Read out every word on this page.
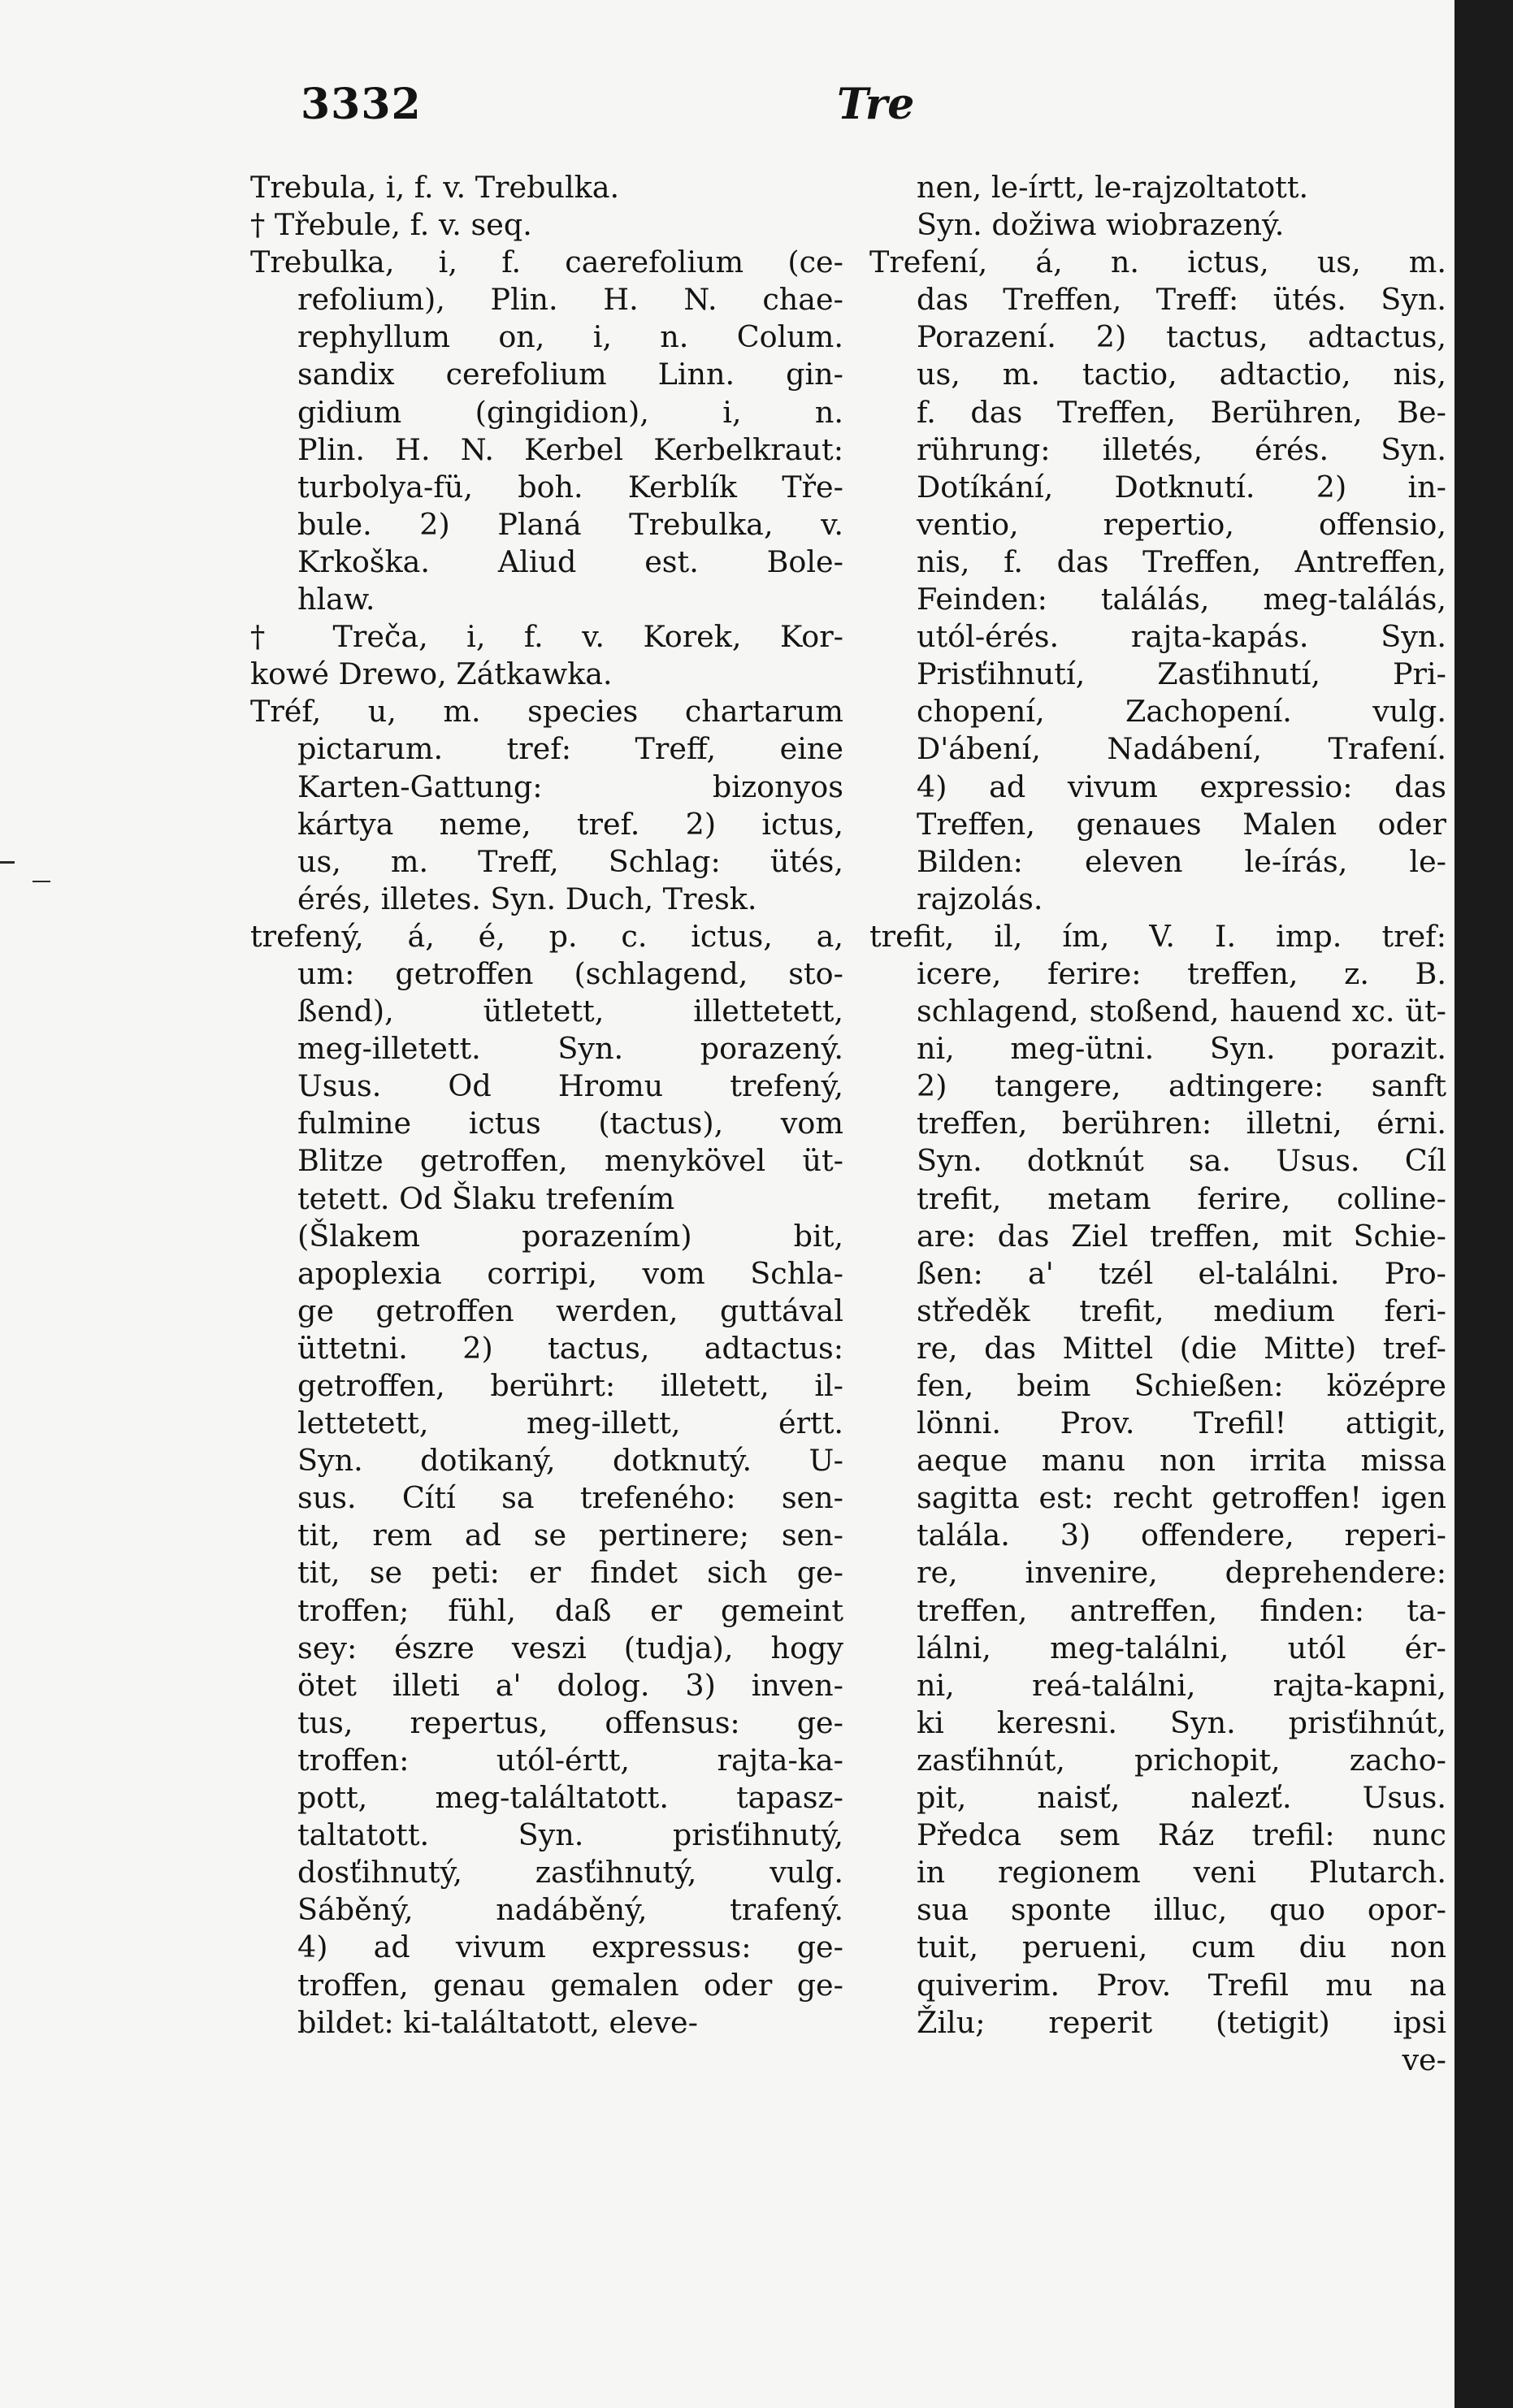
3332	Tre
Trebula, i, f. v. Trebulka.
† Třebule, f. v. seq.
Trebulka, i, f. caerefolium (ce-
refolium), Plin. H. N. chae-
rephyllum on, i, n. Colum.
sandix cerefolium Linn. gin-
gidium (gingidion), i, n.
Plin. H. N. Kerbel Kerbelkraut:
turbolya-fü, boh. Kerblík Tře-
bule. 2) Planá Trebulka, v.
Krkoška. Aliud est. Bole-
hlaw.
† Treča, i, f. v. Korek, Kor-
kowé Drewo, Zátkawka.
Tréf, u, m. species chartarum
pictarum. tref: Treff, eine
Karten-Gattung: bizonyos
kártya neme, tref. 2) ictus,
us, m. Treff, Schlag: ütés,
érés, illetes. Syn. Duch, Tresk.
trefený, á, é, p. c. ictus, a,
um: getroffen (schlagend, sto-
ßend), ütletett, illettetett,
meg-illetett. Syn. porazený.
Usus. Od Hromu trefený,
fulmine ictus (tactus), vom
Blitze getroffen, menykövel üt-
tetett. Od Šlaku trefením
(Šlakem porazením) bit,
apoplexia corripi, vom Schla-
ge getroffen werden, guttával
üttetni. 2) tactus, adtactus:
getroffen, berührt: illetett, il-
lettetett, meg-illett, értt.
Syn. dotikaný, dotknutý. U-
sus. Cítí sa trefeného: sen-
tit, rem ad se pertinere; sen-
tit, se peti: er findet sich ge-
troffen; fühl, daß er gemeint
sey: észre veszi (tudja), hogy
ötet illeti a' dolog. 3) inven-
tus, repertus, offensus: ge-
troffen: utól-értt, rajta-ka-
pott, meg-találtatott. tapasz-
taltatott. Syn. prisťihnutý,
dosťihnutý, zasťihnutý, vulg.
Sáběný, nadáběný, trafený.
4) ad vivum expressus: ge-
troffen, genau gemalen oder ge-
bildet: ki-találtatott, eleve-
nen, le-írtt, le-rajzoltatott.
Syn. dožiwa wiobrazený.
Trefení, á, n. ictus, us, m.
das Treffen, Treff: ütés. Syn.
Porazení. 2) tactus, adtactus,
us, m. tactio, adtactio, nis,
f. das Treffen, Berühren, Be-
rührung: illetés, érés. Syn.
Dotíkání, Dotknutí. 2) in-
ventio, repertio, offensio,
nis, f. das Treffen, Antreffen,
Feinden: találás, meg-találás,
utól-érés. rajta-kapás. Syn.
Prisťihnutí, Zasťihnutí, Pri-
chopení, Zachopení. vulg.
D'ábení, Nadábení, Trafení.
4) ad vivum expressio: das
Treffen, genaues Malen oder
Bilden: eleven le-írás, le-
rajzolás.
trefit, il, ím, V. I. imp. tref:
icere, ferire: treffen, z. B.
schlagend, stoßend, hauend xc. üt-
ni, meg-ütni. Syn. porazit.
2) tangere, adtingere: sanft
treffen, berühren: illetni, érni.
Syn. dotknút sa. Usus. Cíl
trefit, metam ferire, colline-
are: das Ziel treffen, mit Schie-
ßen: a' tzél el-találni. Pro-
středěk trefit, medium feri-
re, das Mittel (die Mitte) tref-
fen, beim Schießen: középre
lönni. Prov. Trefil! attigit,
aeque manu non irrita missa
sagitta est: recht getroffen! igen
talála. 3) offendere, reperi-
re, invenire, deprehendere:
treffen, antreffen, finden: ta-
lálni, meg-találni, utól ér-
ni, reá-találni, rajta-kapni,
ki keresni. Syn. prisťihnút,
zasťihnút, prichopit, zacho-
pit, naisť, nalezť. Usus.
Předca sem Ráz trefil: nunc
in regionem veni Plutarch.
sua sponte illuc, quo opor-
tuit, perueni, cum diu non
quiverim. Prov. Trefil mu na
Žilu; reperit (tetigit) ipsi
ve-
